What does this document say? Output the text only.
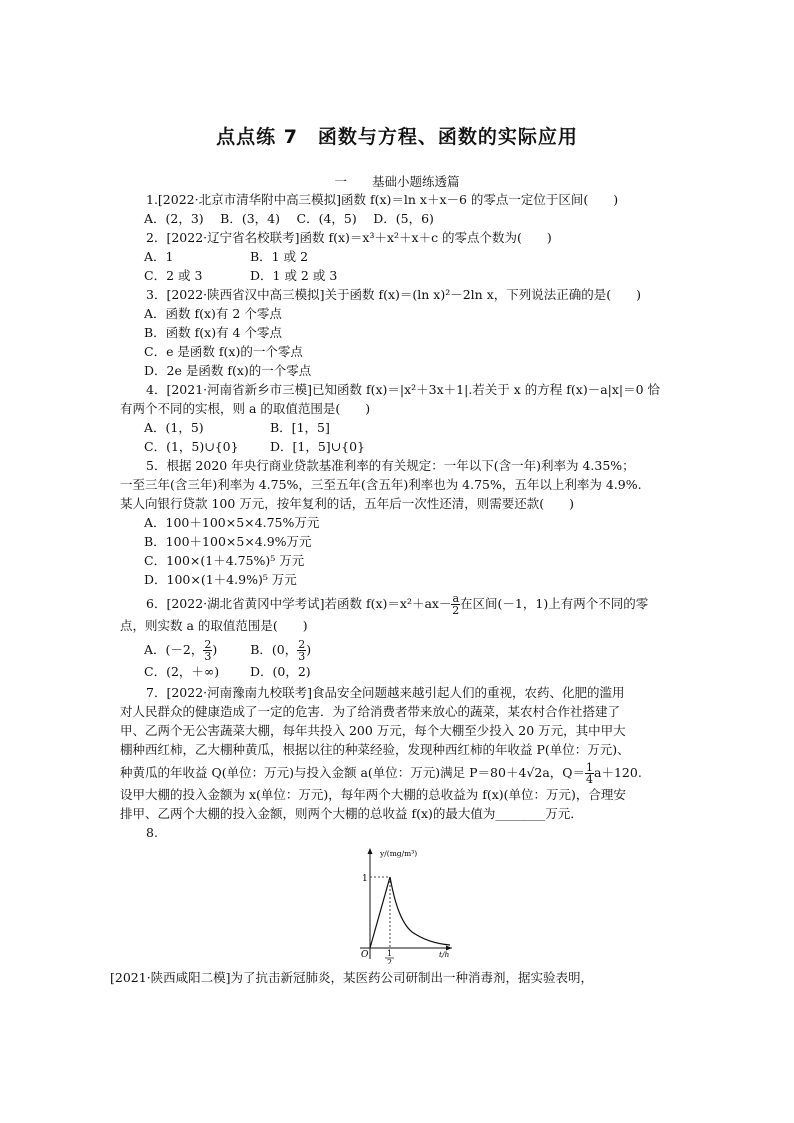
点点练 7　函数与方程、函数的实际应用
一　　基础小题练透篇
1.[2022·北京市清华附中高三模拟]函数 f(x)＝ln x＋x－6 的零点一定位于区间(　　)
A．(2，3)  B．(3，4)  C．(4，5)  D．(5，6)
2．[2022·辽宁省名校联考]函数 f(x)＝x³＋x²＋x＋c 的零点个数为(　　)
A．1	B．1 或 2
C．2 或 3	D．1 或 2 或 3
3．[2022·陕西省汉中高三模拟]关于函数 f(x)＝(ln x)²－2ln x，下列说法正确的是(　　)
A．函数 f(x)有 2 个零点
B．函数 f(x)有 4 个零点
C．e 是函数 f(x)的一个零点
D．2e 是函数 f(x)的一个零点
4．[2021·河南省新乡市三模]已知函数 f(x)＝|x²＋3x＋1|.若关于 x 的方程 f(x)－a|x|＝0 恰
有两个不同的实根，则 a 的取值范围是(　　)
A．(1，5)	B．[1，5]
C．(1，5)∪{0}	D．[1，5]∪{0}
5．根据 2020 年央行商业贷款基准利率的有关规定：一年以下(含一年)利率为 4.35%；
一至三年(含三年)利率为 4.75%，三至五年(含五年)利率也为 4.75%，五年以上利率为 4.9%.
某人向银行贷款 100 万元，按年复利的话，五年后一次性还清，则需要还款(　　)
A．100＋100×5×4.75%万元
B．100＋100×5×4.9%万元
C．100×(1＋4.75%)⁵ 万元
D．100×(1＋4.9%)⁵ 万元
6．[2022·湖北省黄冈中学考试]若函数 $f(x)=x^2+ax- \frac{a}{2}$ 在区间(－1，1)上有两个不同的零
点，则实数 a 的取值范围是(　　)
A．(－2， $\frac{2}{3}$ )   	B．(0， $\frac{2}{3}$ )
C．(2，＋∞) D．(0，2)
7．[2022·河南豫南九校联考]食品安全问题越来越引起人们的重视，农药、化肥的滥用
对人民群众的健康造成了一定的危害．为了给消费者带来放心的蔬菜，某农村合作社搭建了
甲、乙两个无公害蔬菜大棚，每年共投入 200 万元，每个大棚至少投入 20 万元，其中甲大
棚种西红柿，乙大棚种黄瓜，根据以往的种菜经验，发现种西红柿的年收益 P(单位：万元)、
种黄瓜的年收益 Q(单位：万元)与投入金额 a(单位：万元)满足 P＝80＋4√2a，$Q= \frac{1}{4} a+120$.
设甲大棚的投入金额为 x(单位：万元)，每年两个大棚的总收益为 f(x)(单位：万元)，合理安
排甲、乙两个大棚的投入金额，则两个大棚的总收益 f(x)的最大值为________万元．
8.
y/(mg/m³)
t/h
O
1
1
2
[2021·陕西咸阳二模]为了抗击新冠肺炎，某医药公司研制出一种消毒剂，据实验表明，
